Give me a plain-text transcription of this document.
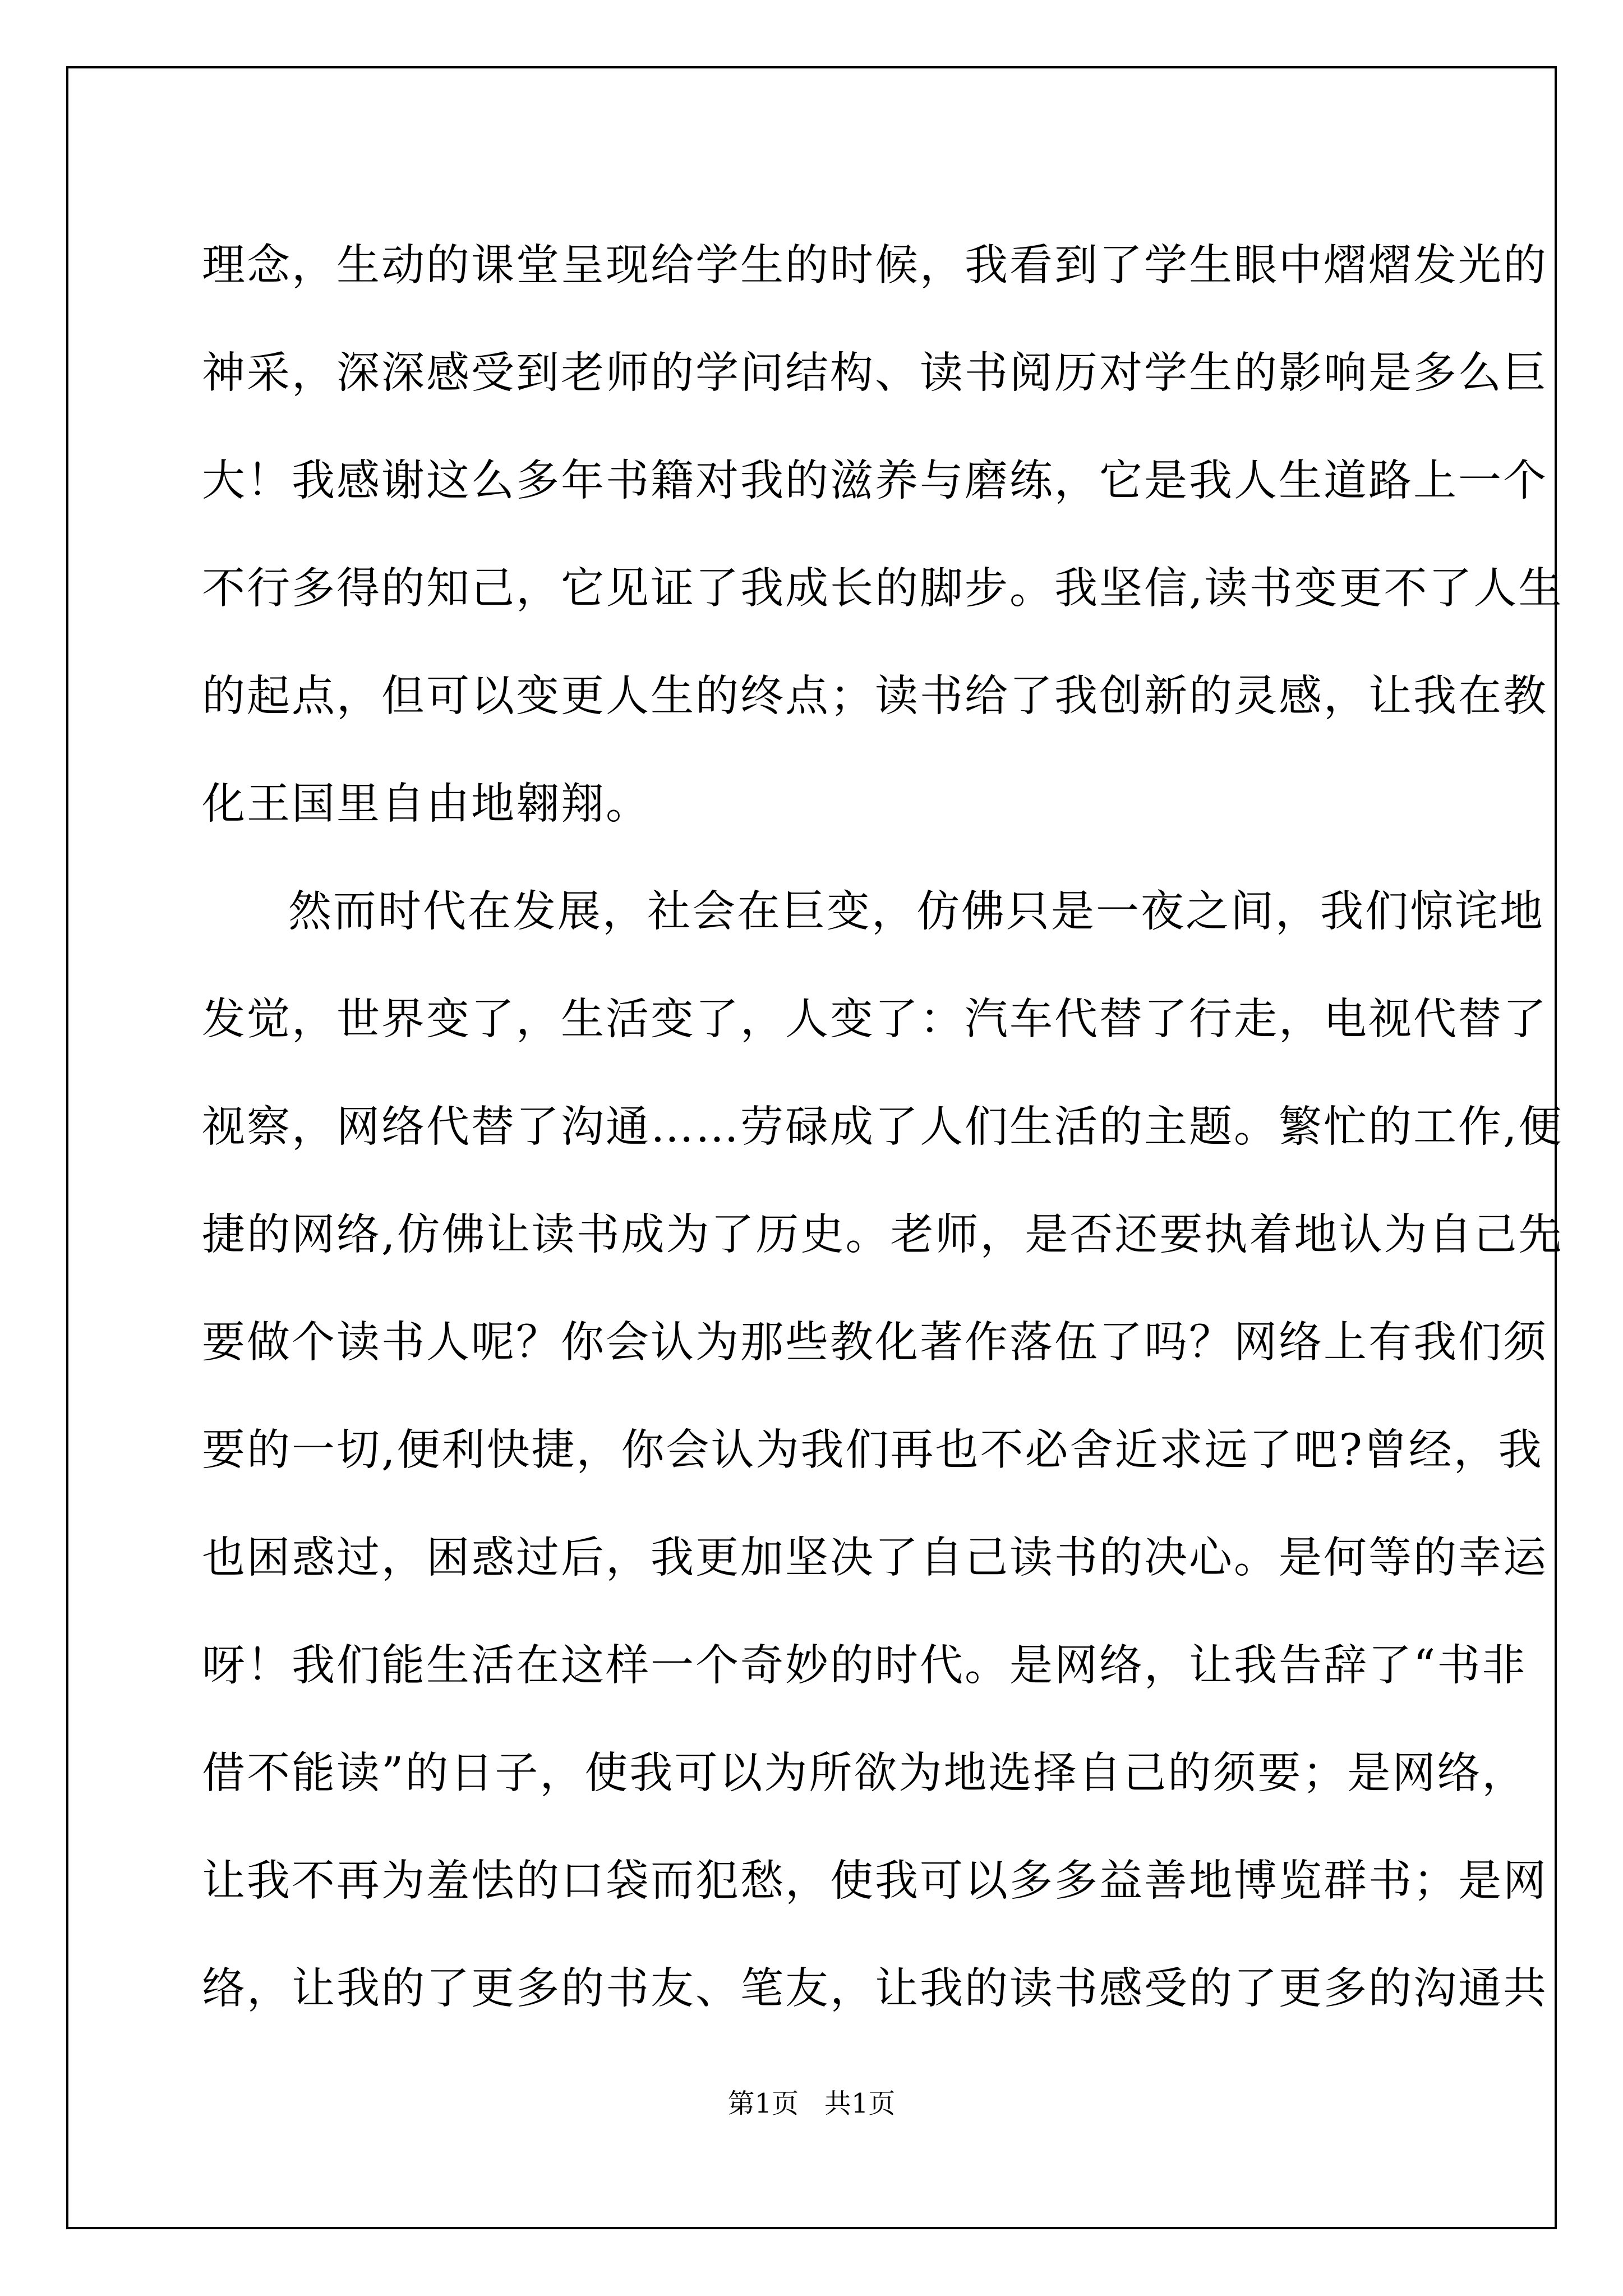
理念，生动的课堂呈现给学生的时候，我看到了学生眼中熠熠发光的
神采，深深感受到老师的学问结构、读书阅历对学生的影响是多么巨
大！我感谢这么多年书籍对我的滋养与磨练，它是我人生道路上一个
不行多得的知己，它见证了我成长的脚步。我坚信,读书变更不了人生
的起点，但可以变更人生的终点；读书给了我创新的灵感，让我在教
化王国里自由地翱翔。
然而时代在发展，社会在巨变，仿佛只是一夜之间，我们惊诧地
发觉，世界变了，生活变了，人变了：汽车代替了行走，电视代替了
视察，网络代替了沟通……劳碌成了人们生活的主题。繁忙的工作,便
捷的网络,仿佛让读书成为了历史。老师，是否还要执着地认为自己先
要做个读书人呢？你会认为那些教化著作落伍了吗？网络上有我们须
要的一切,便利快捷，你会认为我们再也不必舍近求远了吧?曾经，我
也困惑过，困惑过后，我更加坚决了自己读书的决心。是何等的幸运
呀！我们能生活在这样一个奇妙的时代。是网络，让我告辞了“书非
借不能读”的日子，使我可以为所欲为地选择自己的须要；是网络，
让我不再为羞怯的口袋而犯愁，使我可以多多益善地博览群书；是网
络，让我的了更多的书友、笔友，让我的读书感受的了更多的沟通共
第1页   共1页
